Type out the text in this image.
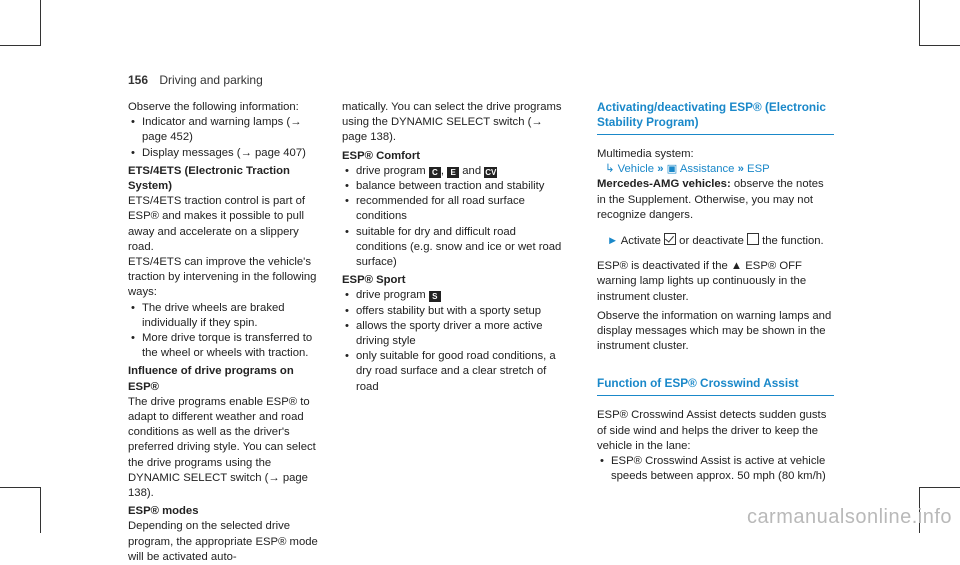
156 Driving and parking

Observe the following information:

• Indicator and warning lamps (→ page 452)
• Display messages (→ page 407)

ETS/4ETS (Electronic Traction System)

ETS/4ETS traction control is part of ESP® and makes it possible to pull away and accelerate on a slippery road.

ETS/4ETS can improve the vehicle's traction by intervening in the following ways:

• The drive wheels are braked individually if they spin.
• More drive torque is transferred to the wheel or wheels with traction.

Influence of drive programs on ESP®

The drive programs enable ESP® to adapt to different weather and road conditions as well as the driver's preferred driving style. You can select the drive programs using the DYNAMIC SELECT switch (→ page 138).

ESP® modes

Depending on the selected drive program, the appropriate ESP® mode will be activated auto-

matically. You can select the drive programs using the DYNAMIC SELECT switch (→ page 138).

ESP® Comfort

• drive program C , E and CV
• balance between traction and stability
• recommended for all road surface conditions
• suitable for dry and difficult road conditions (e.g. snow and ice or wet road surface)

ESP® Sport

• drive program S
• offers stability but with a sporty setup
• allows the sporty driver a more active driving style
• only suitable for good road conditions, a dry road surface and a clear stretch of road

Activating/deactivating ESP® (Electronic Stability Program)

Multimedia system:

↳ Vehicle » ▣ Assistance » ESP

Mercedes-AMG vehicles: observe the notes in the Supplement. Otherwise, you may not recognize dangers.

► Activate or deactivate the function.

ESP® is deactivated if the ▲ ESP® OFF warning lamp lights up continuously in the instrument cluster.

Observe the information on warning lamps and display messages which may be shown in the instrument cluster.

Function of ESP® Crosswind Assist

ESP® Crosswind Assist detects sudden gusts of side wind and helps the driver to keep the vehicle in the lane:

• ESP® Crosswind Assist is active at vehicle speeds between approx. 50 mph (80 km/h)
carmanualsonline.info
